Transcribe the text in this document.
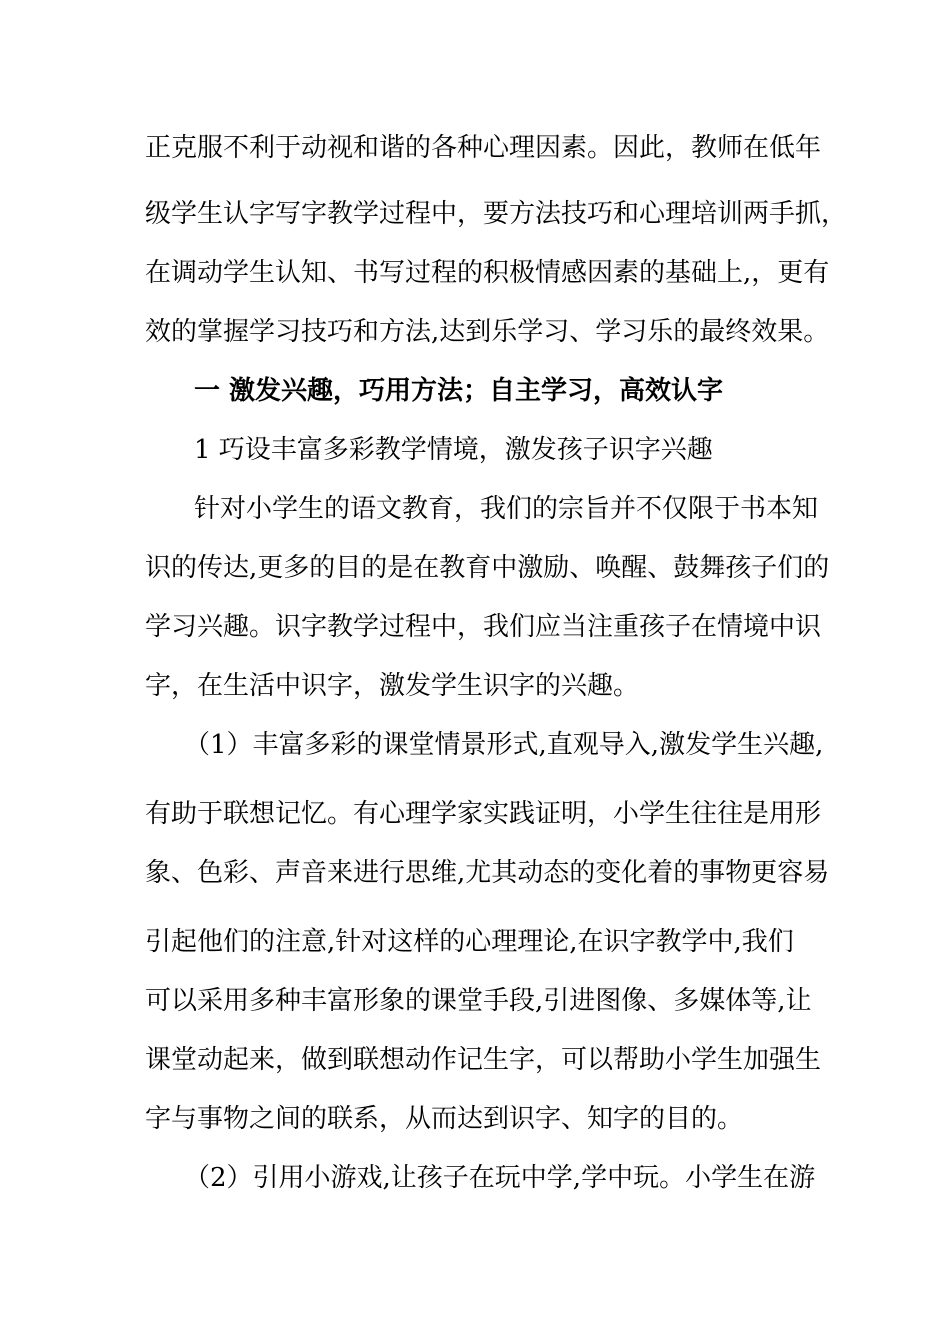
正克服不利于动视和谐的各种心理因素。因此，教师在低年
级学生认字写字教学过程中，要方法技巧和心理培训两手抓，
在调动学生认知、书写过程的积极情感因素的基础上,，更有
效的掌握学习技巧和方法,达到乐学习、学习乐的最终效果。
一 激发兴趣，巧用方法；自主学习，高效认字
1 巧设丰富多彩教学情境，激发孩子识字兴趣
针对小学生的语文教育，我们的宗旨并不仅限于书本知
识的传达,更多的目的是在教育中激励、唤醒、鼓舞孩子们的
学习兴趣。识字教学过程中，我们应当注重孩子在情境中识
字，在生活中识字，激发学生识字的兴趣。
（1）丰富多彩的课堂情景形式,直观导入,激发学生兴趣,
有助于联想记忆。有心理学家实践证明，小学生往往是用形
象、色彩、声音来进行思维,尤其动态的变化着的事物更容易
引起他们的注意,针对这样的心理理论,在识字教学中,我们
可以采用多种丰富形象的课堂手段,引进图像、多媒体等,让
课堂动起来，做到联想动作记生字，可以帮助小学生加强生
字与事物之间的联系，从而达到识字、知字的目的。
（2）引用小游戏,让孩子在玩中学,学中玩。小学生在游
